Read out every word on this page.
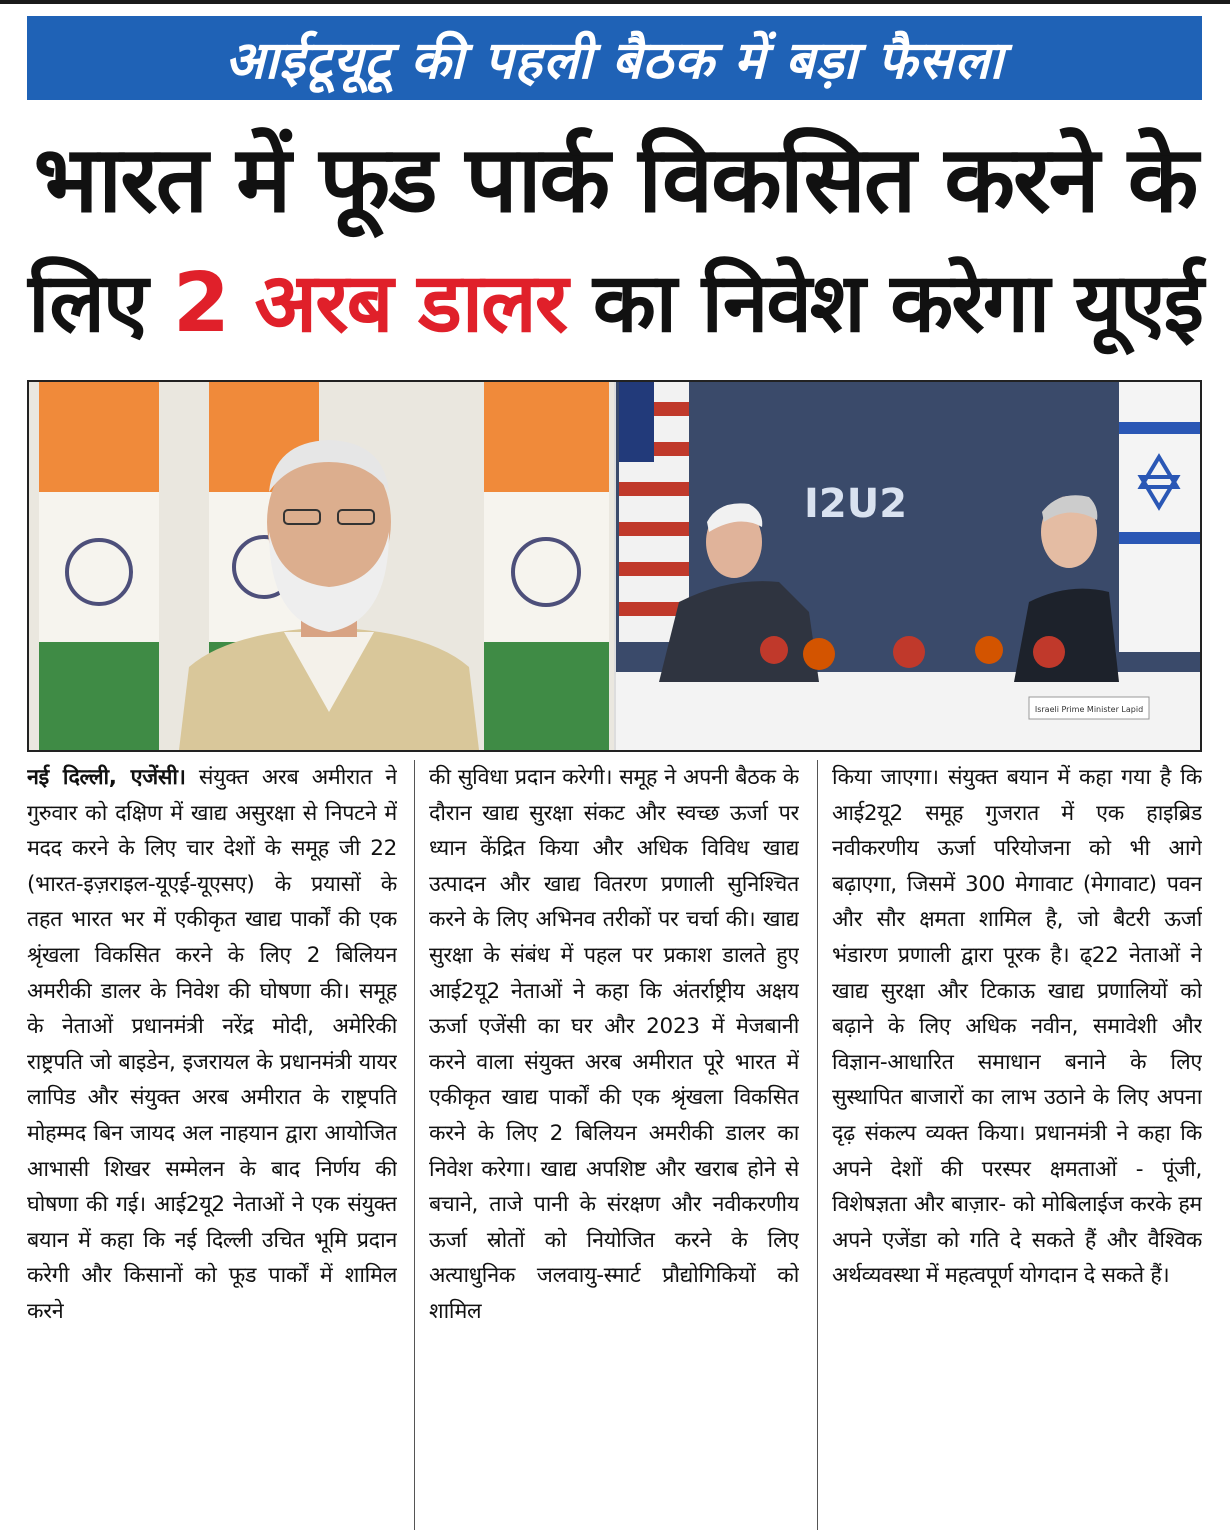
आईटूयूटू की पहली बैठक में बड़ा फैसला
भारत में फूड पार्क विकसित करने के
लिए 2 अरब डालर का निवेश करेगा यूएई
I2U2
Israeli Prime Minister Lapid
नई दिल्ली, एजेंसी। संयुक्त अरब अमीरात ने गुरुवार को दक्षिण में खाद्य असुरक्षा से निपटने में मदद करने के लिए चार देशों के समूह जी 22 (भारत-इज़राइल-यूएई-यूएसए) के प्रयासों के तहत भारत भर में एकीकृत खाद्य पार्कों की एक श्रृंखला विकसित करने के लिए 2 बिलियन अमरीकी डालर के निवेश की घोषणा की। समूह के नेताओं प्रधानमंत्री नरेंद्र मोदी, अमेरिकी राष्ट्रपति जो बाइडेन, इजरायल के प्रधानमंत्री यायर लापिड और संयुक्त अरब अमीरात के राष्ट्रपति मोहम्मद बिन जायद अल नाहयान द्वारा आयोजित आभासी शिखर सम्मेलन के बाद निर्णय की घोषणा की गई। आई2यू2 नेताओं ने एक संयुक्त बयान में कहा कि नई दिल्ली उचित भूमि प्रदान करेगी और किसानों को फूड पार्कों में शामिल करने
की सुविधा प्रदान करेगी। समूह ने अपनी बैठक के दौरान खाद्य सुरक्षा संकट और स्वच्छ ऊर्जा पर ध्यान केंद्रित किया और अधिक विविध खाद्य उत्पादन और खाद्य वितरण प्रणाली सुनिश्चित करने के लिए अभिनव तरीकों पर चर्चा की। खाद्य सुरक्षा के संबंध में पहल पर प्रकाश डालते हुए आई2यू2 नेताओं ने कहा कि अंतर्राष्ट्रीय अक्षय ऊर्जा एजेंसी का घर और 2023 में मेजबानी करने वाला संयुक्त अरब अमीरात पूरे भारत में एकीकृत खाद्य पार्कों की एक श्रृंखला विकसित करने के लिए 2 बिलियन अमरीकी डालर का निवेश करेगा। खाद्य अपशिष्ट और खराब होने से बचाने, ताजे पानी के संरक्षण और नवीकरणीय ऊर्जा स्रोतों को नियोजित करने के लिए अत्याधुनिक जलवायु-स्मार्ट प्रौद्योगिकियों को शामिल
किया जाएगा। संयुक्त बयान में कहा गया है कि आई2यू2 समूह गुजरात में एक हाइब्रिड नवीकरणीय ऊर्जा परियोजना को भी आगे बढ़ाएगा, जिसमें 300 मेगावाट (मेगावाट) पवन और सौर क्षमता शामिल है, जो बैटरी ऊर्जा भंडारण प्रणाली द्वारा पूरक है। ढ्22 नेताओं ने खाद्य सुरक्षा और टिकाऊ खाद्य प्रणालियों को बढ़ाने के लिए अधिक नवीन, समावेशी और विज्ञान-आधारित समाधान बनाने के लिए सुस्थापित बाजारों का लाभ उठाने के लिए अपना दृढ़ संकल्प व्यक्त किया। प्रधानमंत्री ने कहा कि अपने देशों की परस्पर क्षमताओं - पूंजी, विशेषज्ञता और बाज़ार- को मोबिलाईज करके हम अपने एजेंडा को गति दे सकते हैं और वैश्विक अर्थव्यवस्था में महत्वपूर्ण योगदान दे सकते हैं।
